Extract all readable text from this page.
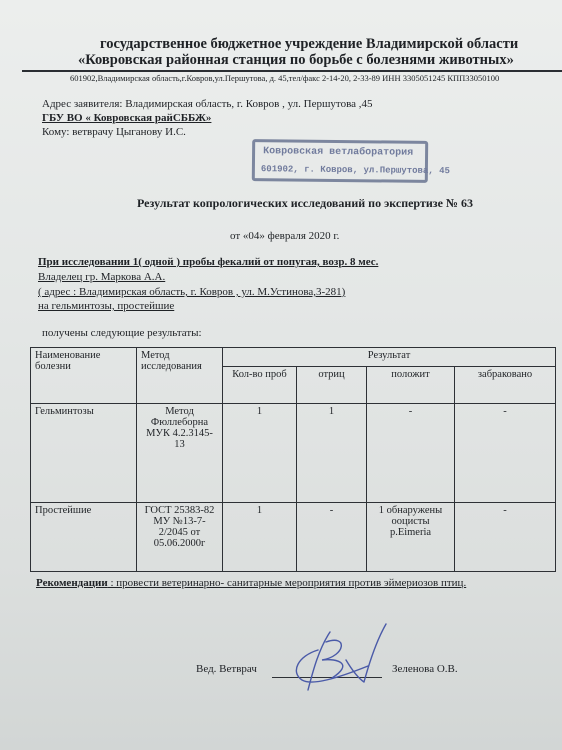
государственное бюджетное учреждение Владимирской области
«Ковровская районная станция по борьбе с болезнями животных»
601902,Владимирская область,г.Ковров,ул.Першутова, д. 45,тел/факс 2-14-20, 2-33-89 ИНН 3305051245 КПП33050100
Адрес заявителя: Владимирская область, г. Ковров , ул. Першутова ,45
ГБУ ВО « Ковровская райСББЖ»
Кому: ветврачу Цыганову И.С.
Ковровская ветлаборатория
601902, г. Ковров, ул.Першутова, 45
Результат копрологических исследований по экспертизе № 63
от «04» февраля 2020 г.
При исследовании 1( одной ) пробы фекалий от попугая, возр. 8 мес.
Владелец гр. Маркова А.А.
( адрес : Владимирская область, г. Ковров , ул. М.Устинова,3-281)
на гельминтозы, простейшие
получены следующие результаты:
Наименование болезни	Метод исследования	Результат			
		Кол-во проб	отриц	положит	забраковано
Гельминтозы	Метод Фюллеборна МУК 4.2.3145-13	1	1	-	-
Простейшие	ГОСТ 25383-82 МУ №13-7-2/2045 от 05.06.2000г	1	-	1 обнаружены ооцисты р.Eimeria	-
Рекомендации : провести ветеринарно- санитарные мероприятия против эймериозов птиц.
Вед. Ветврач	Зеленова О.В.
